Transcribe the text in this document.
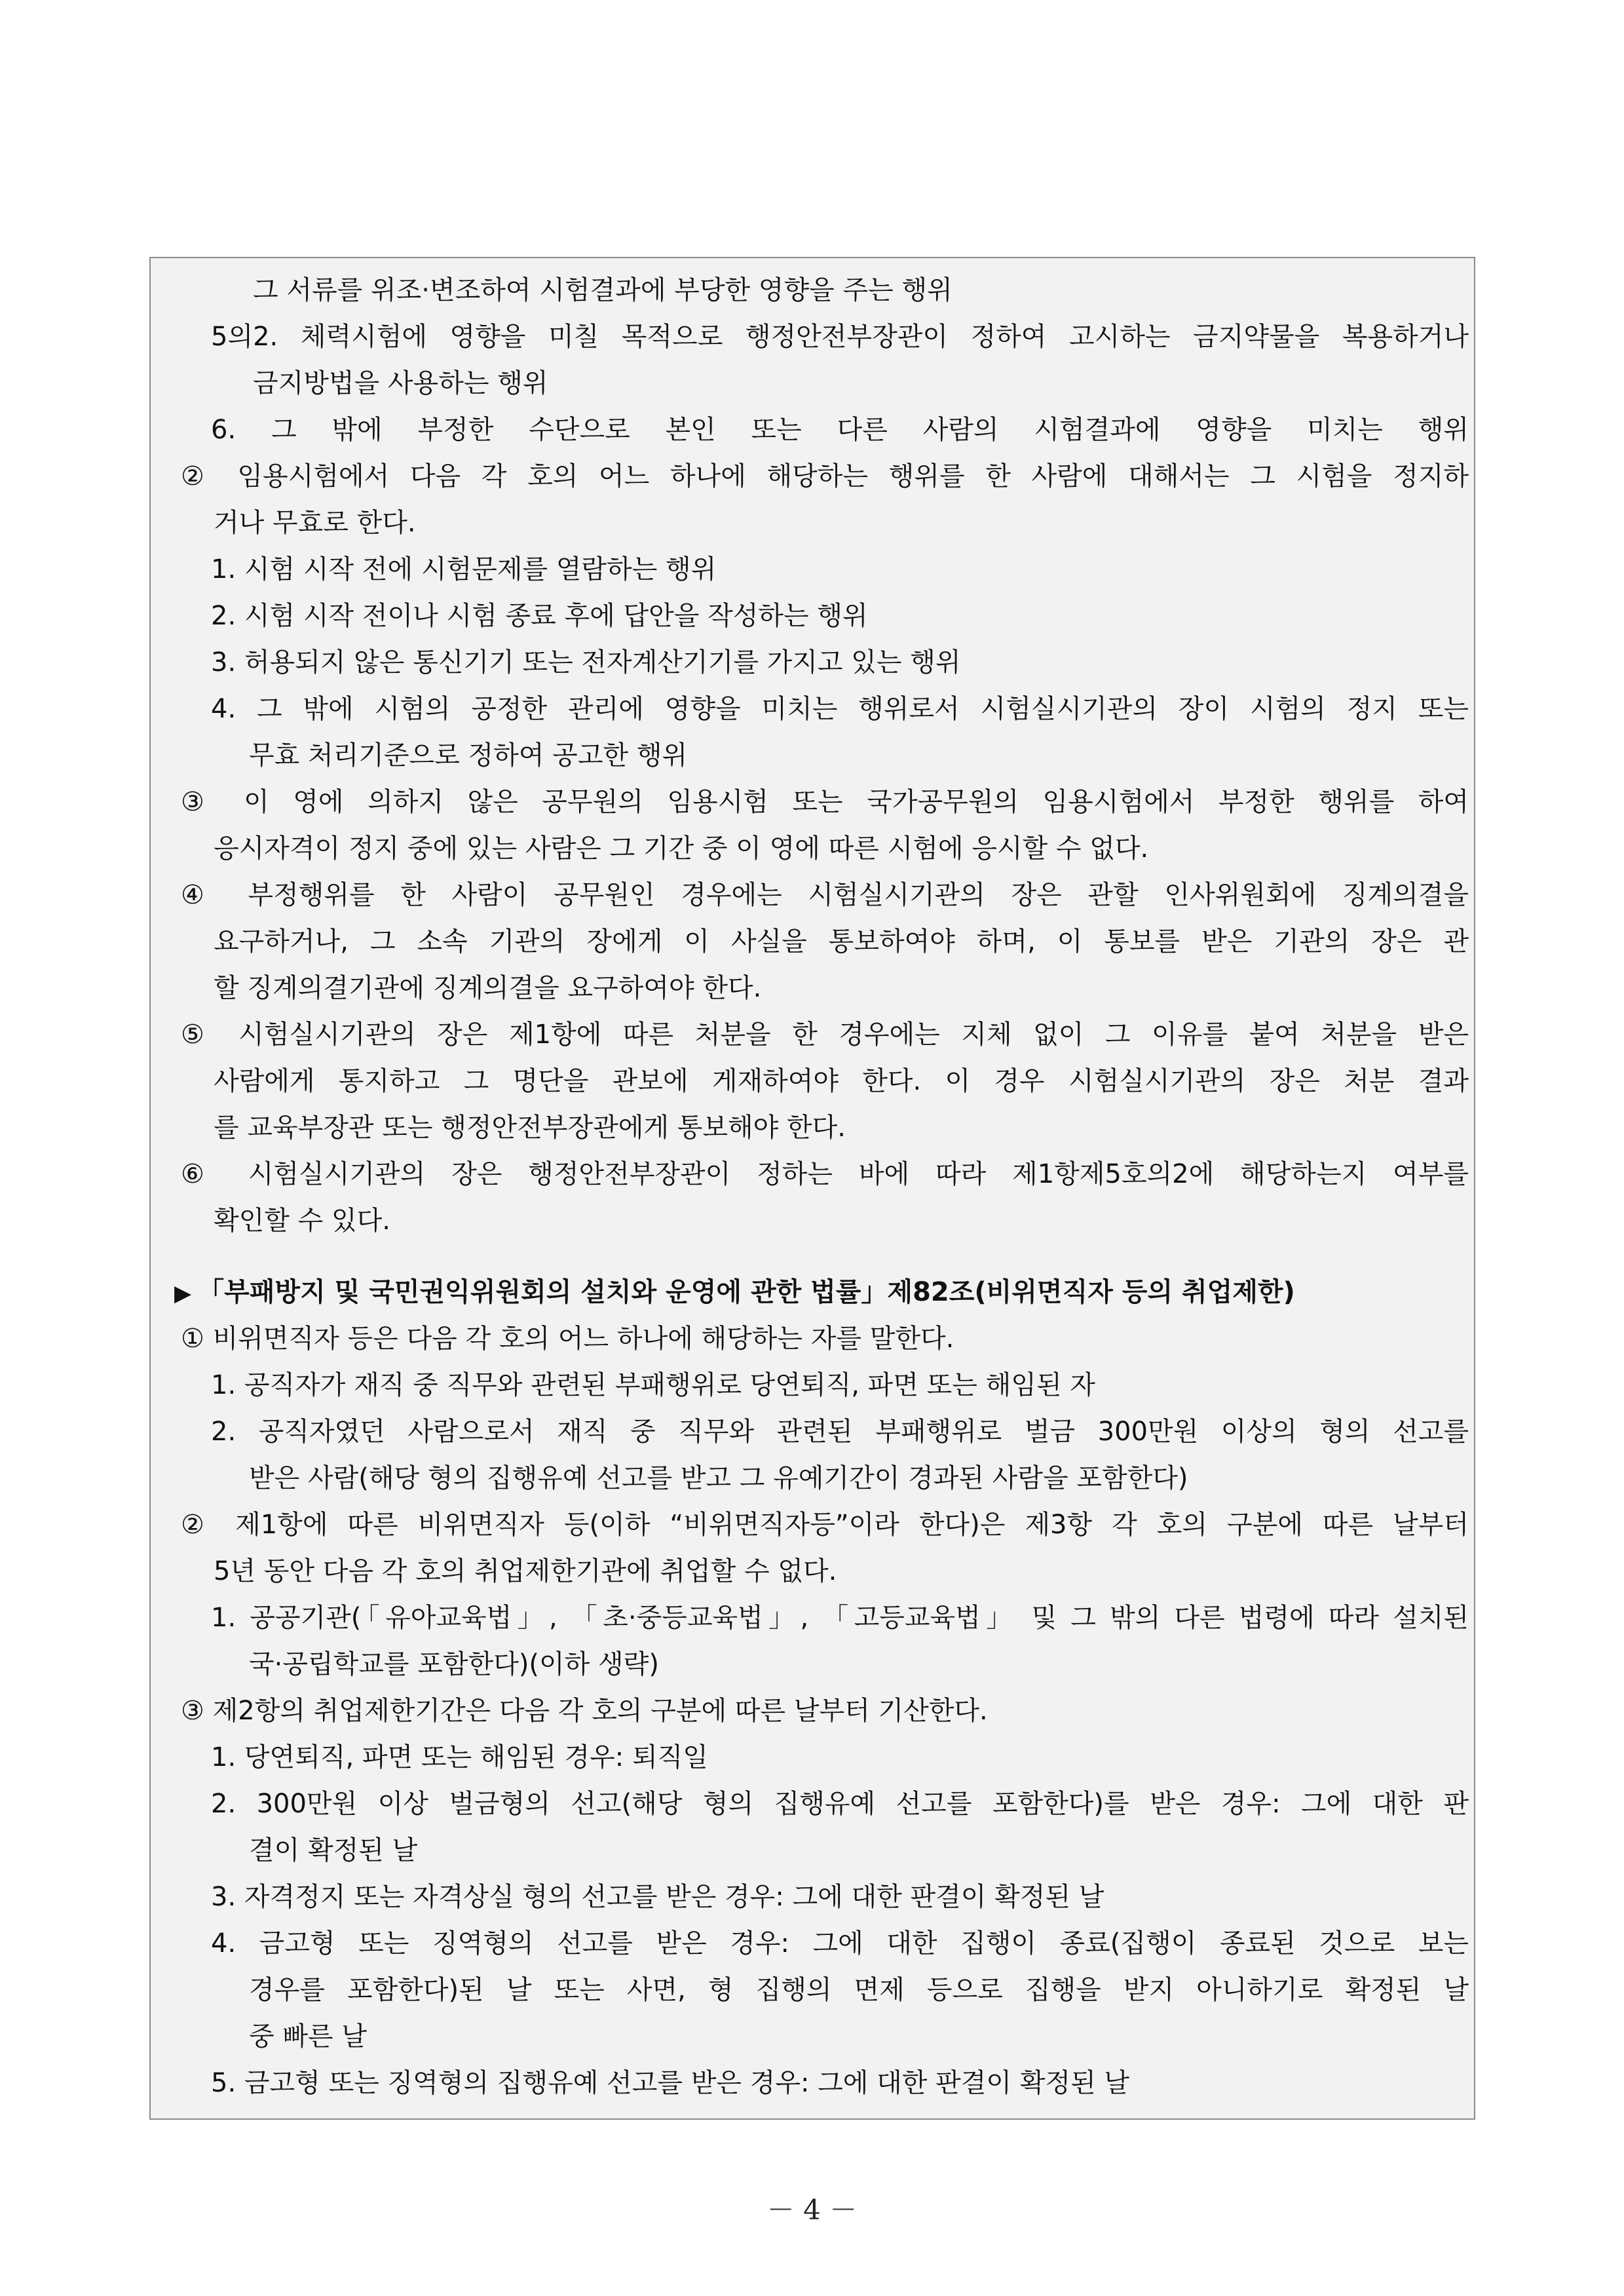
그 서류를 위조·변조하여 시험결과에 부당한 영향을 주는 행위
5의2. 체력시험에 영향을 미칠 목적으로 행정안전부장관이 정하여 고시하는 금지약물을 복용하거나
금지방법을 사용하는 행위
6. 그 밖에 부정한 수단으로 본인 또는 다른 사람의 시험결과에 영향을 미치는 행위
② 임용시험에서 다음 각 호의 어느 하나에 해당하는 행위를 한 사람에 대해서는 그 시험을 정지하
거나 무효로 한다.
1. 시험 시작 전에 시험문제를 열람하는 행위
2. 시험 시작 전이나 시험 종료 후에 답안을 작성하는 행위
3. 허용되지 않은 통신기기 또는 전자계산기기를 가지고 있는 행위
4. 그 밖에 시험의 공정한 관리에 영향을 미치는 행위로서 시험실시기관의 장이 시험의 정지 또는
무효 처리기준으로 정하여 공고한 행위
③ 이 영에 의하지 않은 공무원의 임용시험 또는 국가공무원의 임용시험에서 부정한 행위를 하여
응시자격이 정지 중에 있는 사람은 그 기간 중 이 영에 따른 시험에 응시할 수 없다.
④ 부정행위를 한 사람이 공무원인 경우에는 시험실시기관의 장은 관할 인사위원회에 징계의결을
요구하거나, 그 소속 기관의 장에게 이 사실을 통보하여야 하며, 이 통보를 받은 기관의 장은 관
할 징계의결기관에 징계의결을 요구하여야 한다.
⑤ 시험실시기관의 장은 제1항에 따른 처분을 한 경우에는 지체 없이 그 이유를 붙여 처분을 받은
사람에게 통지하고 그 명단을 관보에 게재하여야 한다. 이 경우 시험실시기관의 장은 처분 결과
를 교육부장관 또는 행정안전부장관에게 통보해야 한다.
⑥ 시험실시기관의 장은 행정안전부장관이 정하는 바에 따라 제1항제5호의2에 해당하는지 여부를
확인할 수 있다.
▶ 「부패방지 및 국민권익위원회의 설치와 운영에 관한 법률」제82조(비위면직자 등의 취업제한)
① 비위면직자 등은 다음 각 호의 어느 하나에 해당하는 자를 말한다.
1. 공직자가 재직 중 직무와 관련된 부패행위로 당연퇴직, 파면 또는 해임된 자
2. 공직자였던 사람으로서 재직 중 직무와 관련된 부패행위로 벌금 300만원 이상의 형의 선고를
받은 사람(해당 형의 집행유예 선고를 받고 그 유예기간이 경과된 사람을 포함한다)
② 제1항에 따른 비위면직자 등(이하 “비위면직자등”이라 한다)은 제3항 각 호의 구분에 따른 날부터
5년 동안 다음 각 호의 취업제한기관에 취업할 수 없다.
1. 공공기관(「유아교육법」, 「초·중등교육법」, 「고등교육법」 및 그 밖의 다른 법령에 따라 설치된
국·공립학교를 포함한다)(이하 생략)
③ 제2항의 취업제한기간은 다음 각 호의 구분에 따른 날부터 기산한다.
1. 당연퇴직, 파면 또는 해임된 경우: 퇴직일
2. 300만원 이상 벌금형의 선고(해당 형의 집행유예 선고를 포함한다)를 받은 경우: 그에 대한 판
결이 확정된 날
3. 자격정지 또는 자격상실 형의 선고를 받은 경우: 그에 대한 판결이 확정된 날
4. 금고형 또는 징역형의 선고를 받은 경우: 그에 대한 집행이 종료(집행이 종료된 것으로 보는
경우를 포함한다)된 날 또는 사면, 형 집행의 면제 등으로 집행을 받지 아니하기로 확정된 날
중 빠른 날
5. 금고형 또는 징역형의 집행유예 선고를 받은 경우: 그에 대한 판결이 확정된 날
－ 4 －
